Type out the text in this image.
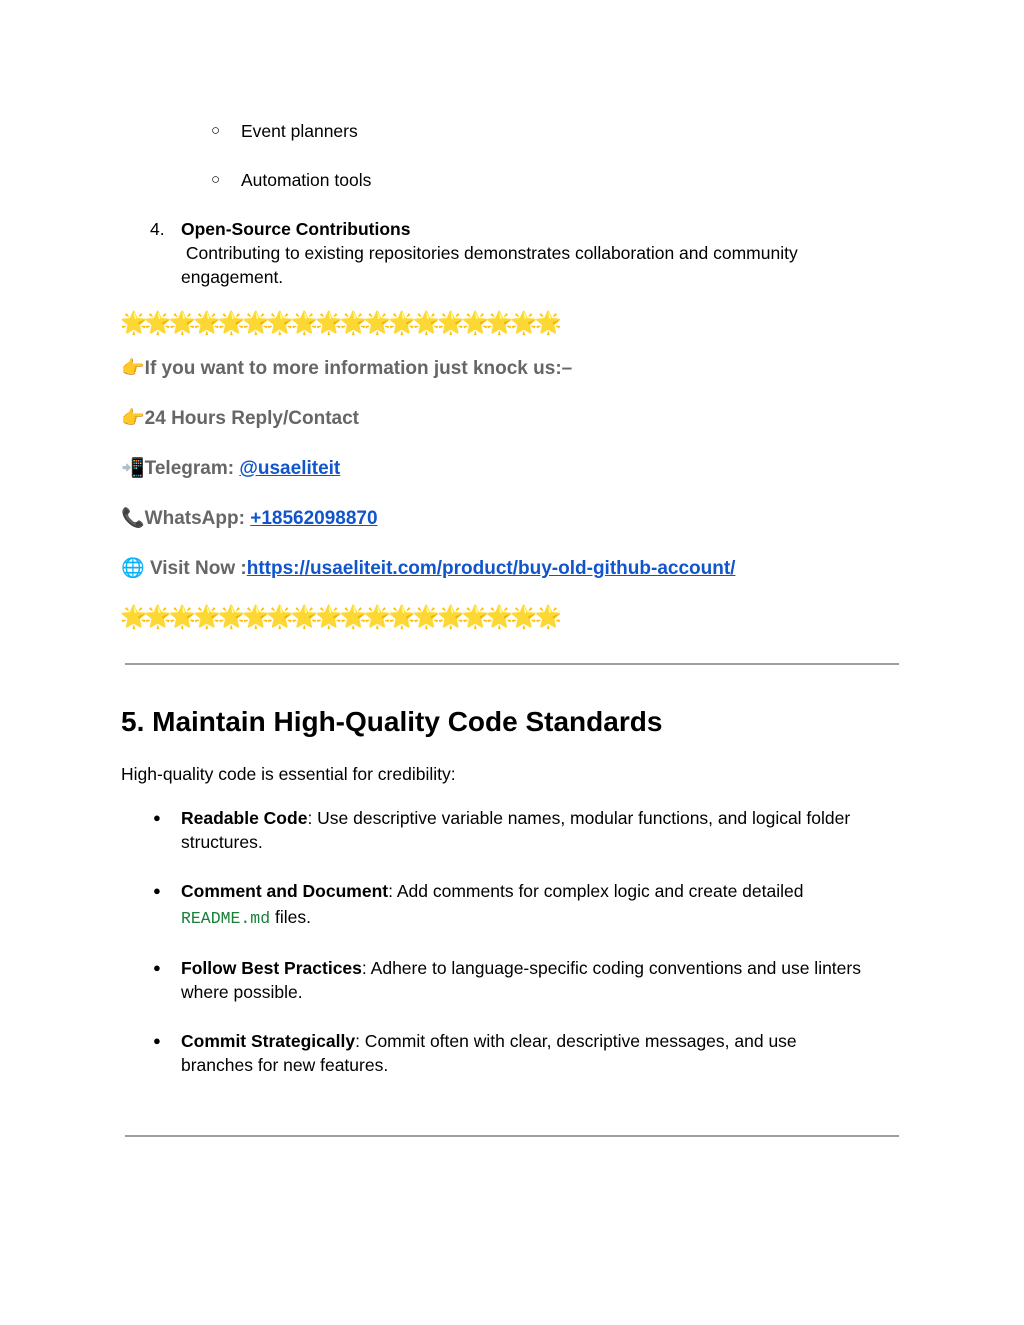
○ Event planners
○ Automation tools
4. Open-Source Contributions
Contributing to existing repositories demonstrates collaboration and community
engagement.
🌟🌟🌟🌟🌟🌟🌟🌟🌟🌟🌟🌟🌟🌟🌟🌟🌟🌟
👉If you want to more information just knock us:–
👉24 Hours Reply/Contact
📲Telegram: @usaeliteit
📞WhatsApp: +18562098870
🌐 Visit Now :https://usaeliteit.com/product/buy-old-github-account/
🌟🌟🌟🌟🌟🌟🌟🌟🌟🌟🌟🌟🌟🌟🌟🌟🌟🌟
5. Maintain High-Quality Code Standards
High-quality code is essential for credibility:
● Readable Code: Use descriptive variable names, modular functions, and logical folder
structures.
● Comment and Document: Add comments for complex logic and create detailed
README.md files.
● Follow Best Practices: Adhere to language-specific coding conventions and use linters
where possible.
● Commit Strategically: Commit often with clear, descriptive messages, and use
branches for new features.
